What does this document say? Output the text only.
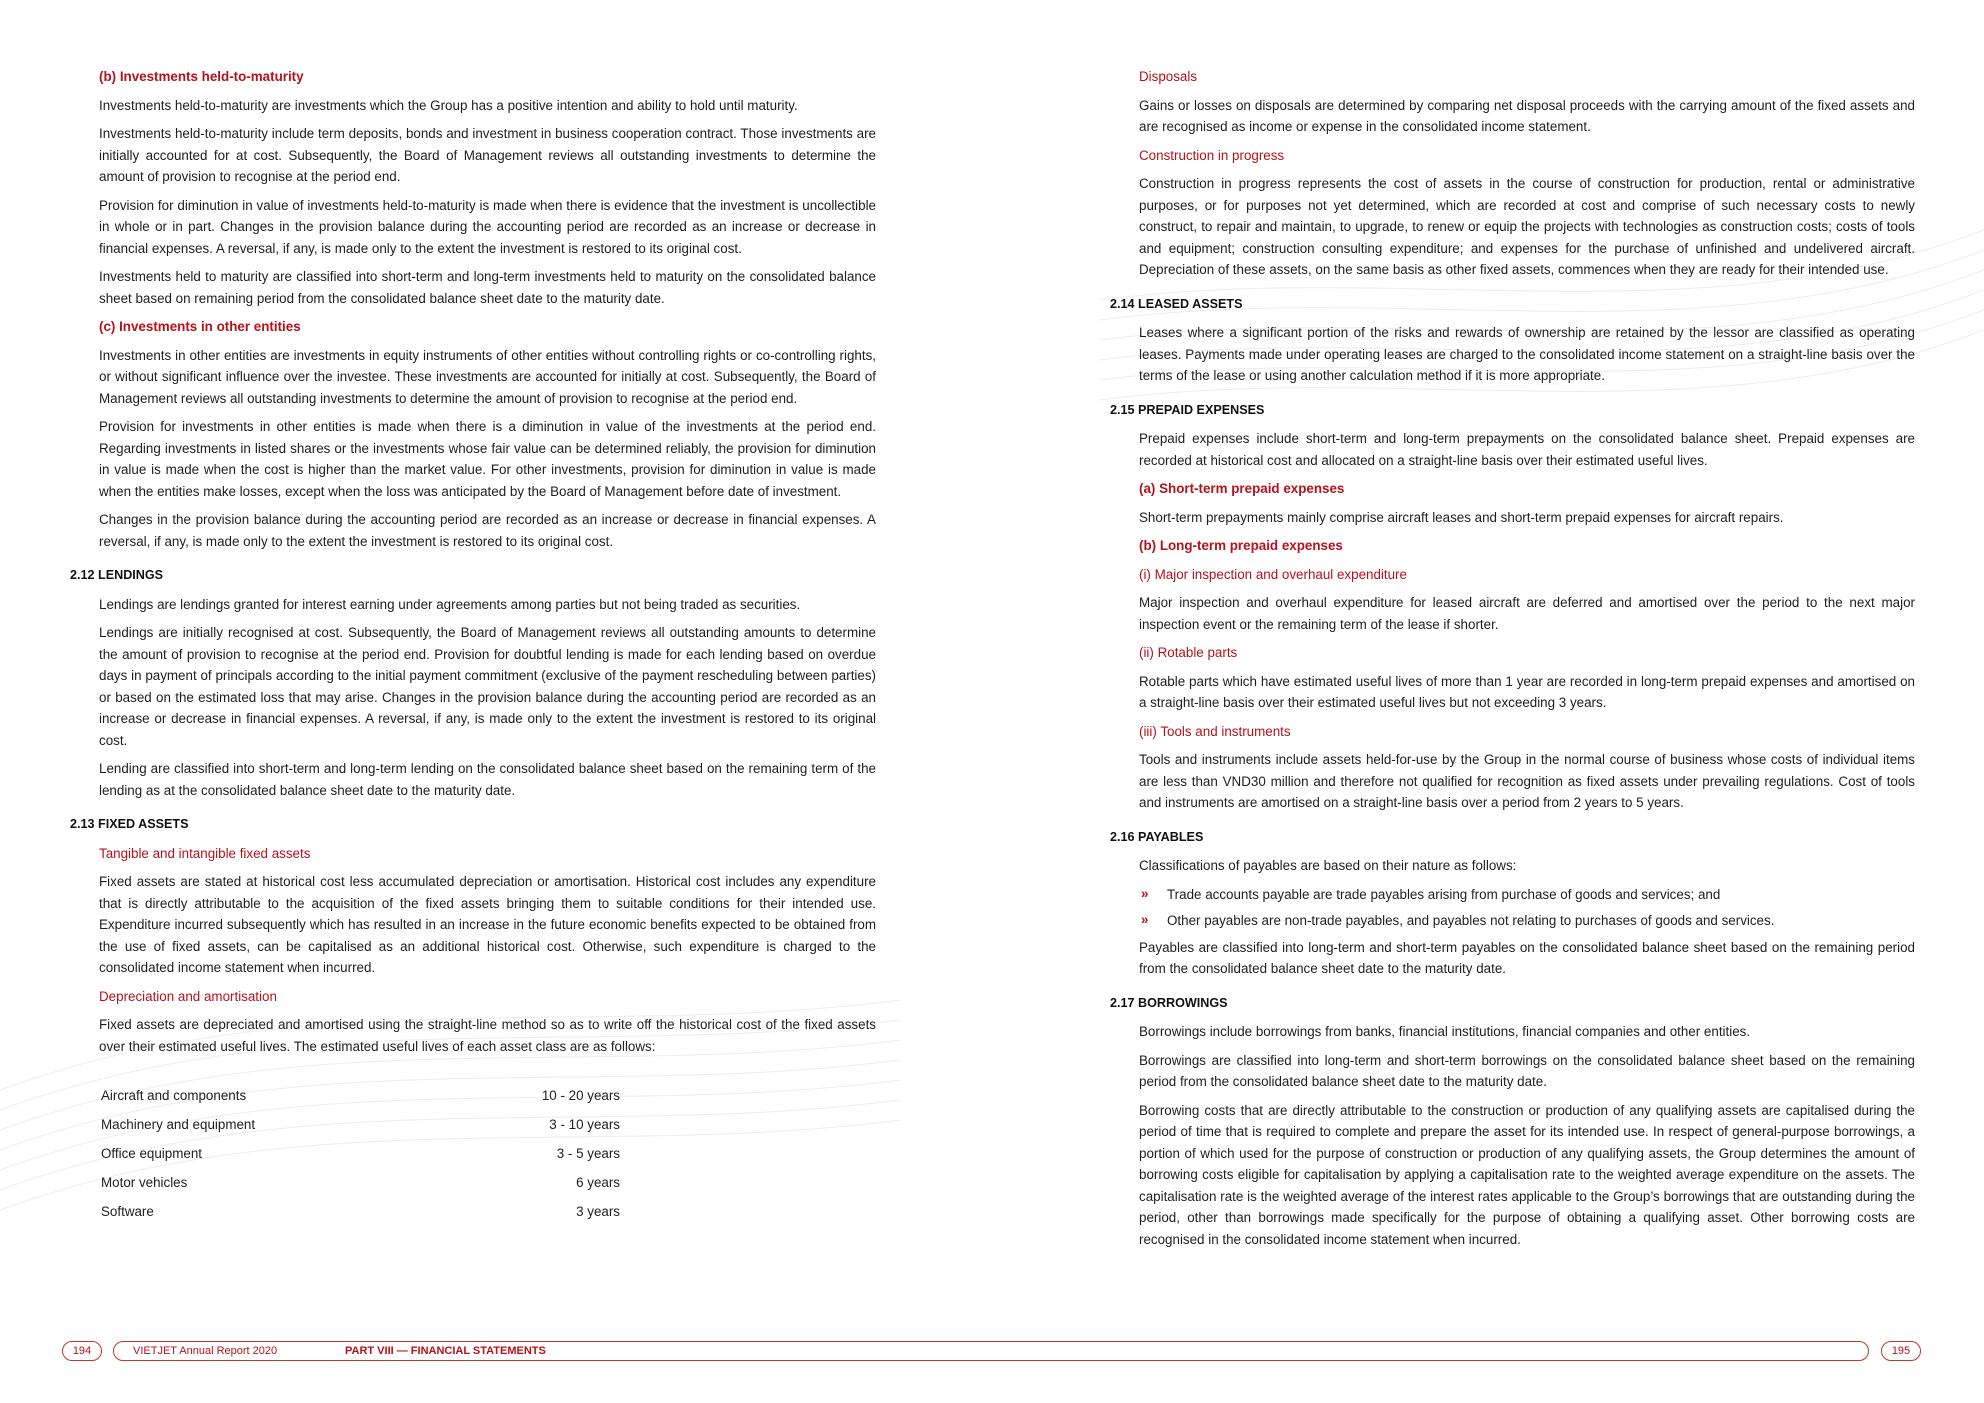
(b) Investments held-to-maturity

Investments held-to-maturity are investments which the Group has a positive intention and ability to hold until maturity.

Investments held-to-maturity include term deposits, bonds and investment in business cooperation contract. Those investments are initially accounted for at cost. Subsequently, the Board of Management reviews all outstanding investments to determine the amount of provision to recognise at the period end.

Provision for diminution in value of investments held-to-maturity is made when there is evidence that the investment is uncollectible in whole or in part. Changes in the provision balance during the accounting period are recorded as an increase or decrease in financial expenses. A reversal, if any, is made only to the extent the investment is restored to its original cost.

Investments held to maturity are classified into short-term and long-term investments held to maturity on the consolidated balance sheet based on remaining period from the consolidated balance sheet date to the maturity date.

(c) Investments in other entities

Investments in other entities are investments in equity instruments of other entities without controlling rights or co-controlling rights, or without significant influence over the investee. These investments are accounted for initially at cost. Subsequently, the Board of Management reviews all outstanding investments to determine the amount of provision to recognise at the period end.

Provision for investments in other entities is made when there is a diminution in value of the investments at the period end. Regarding investments in listed shares or the investments whose fair value can be determined reliably, the provision for diminution in value is made when the cost is higher than the market value. For other investments, provision for diminution in value is made when the entities make losses, except when the loss was anticipated by the Board of Management before date of investment.

Changes in the provision balance during the accounting period are recorded as an increase or decrease in financial expenses. A reversal, if any, is made only to the extent the investment is restored to its original cost.

2.12 LENDINGS

Lendings are lendings granted for interest earning under agreements among parties but not being traded as securities.

Lendings are initially recognised at cost. Subsequently, the Board of Management reviews all outstanding amounts to determine the amount of provision to recognise at the period end. Provision for doubtful lending is made for each lending based on overdue days in payment of principals according to the initial payment commitment (exclusive of the payment rescheduling between parties) or based on the estimated loss that may arise. Changes in the provision balance during the accounting period are recorded as an increase or decrease in financial expenses. A reversal, if any, is made only to the extent the investment is restored to its original cost.

Lending are classified into short-term and long-term lending on the consolidated balance sheet based on the remaining term of the lending as at the consolidated balance sheet date to the maturity date.

2.13 FIXED ASSETS
Tangible and intangible fixed assets

Fixed assets are stated at historical cost less accumulated depreciation or amortisation. Historical cost includes any expenditure that is directly attributable to the acquisition of the fixed assets bringing them to suitable conditions for their intended use. Expenditure incurred subsequently which has resulted in an increase in the future economic benefits expected to be obtained from the use of fixed assets, can be capitalised as an additional historical cost. Otherwise, such expenditure is charged to the consolidated income statement when incurred.

Depreciation and amortisation

Fixed assets are depreciated and amortised using the straight-line method so as to write off the historical cost of the fixed assets over their estimated useful lives. The estimated useful lives of each asset class are as follows:

Aircraft and components	10 - 20 years
Machinery and equipment	3 - 10 years
Office equipment	3 - 5 years
Motor vehicles	6 years
Software	3 years
Disposals

Gains or losses on disposals are determined by comparing net disposal proceeds with the carrying amount of the fixed assets and are recognised as income or expense in the consolidated income statement.

Construction in progress

Construction in progress represents the cost of assets in the course of construction for production, rental or administrative purposes, or for purposes not yet determined, which are recorded at cost and comprise of such necessary costs to newly construct, to repair and maintain, to upgrade, to renew or equip the projects with technologies as construction costs; costs of tools and equipment; construction consulting expenditure; and expenses for the purchase of unfinished and undelivered aircraft. Depreciation of these assets, on the same basis as other fixed assets, commences when they are ready for their intended use.

2.14 LEASED ASSETS

Leases where a significant portion of the risks and rewards of ownership are retained by the lessor are classified as operating leases. Payments made under operating leases are charged to the consolidated income statement on a straight-line basis over the terms of the lease or using another calculation method if it is more appropriate.

2.15 PREPAID EXPENSES

Prepaid expenses include short-term and long-term prepayments on the consolidated balance sheet. Prepaid expenses are recorded at historical cost and allocated on a straight-line basis over their estimated useful lives.

(a) Short-term prepaid expenses

Short-term prepayments mainly comprise aircraft leases and short-term prepaid expenses for aircraft repairs.

(b) Long-term prepaid expenses
(i) Major inspection and overhaul expenditure

Major inspection and overhaul expenditure for leased aircraft are deferred and amortised over the period to the next major inspection event or the remaining term of the lease if shorter.

(ii) Rotable parts

Rotable parts which have estimated useful lives of more than 1 year are recorded in long-term prepaid expenses and amortised on a straight-line basis over their estimated useful lives but not exceeding 3 years.

(iii) Tools and instruments

Tools and instruments include assets held-for-use by the Group in the normal course of business whose costs of individual items are less than VND30 million and therefore not qualified for recognition as fixed assets under prevailing regulations. Cost of tools and instruments are amortised on a straight-line basis over a period from 2 years to 5 years.

2.16 PAYABLES

Classifications of payables are based on their nature as follows:

» Trade accounts payable are trade payables arising from purchase of goods and services; and
» Other payables are non-trade payables, and payables not relating to purchases of goods and services.

Payables are classified into long-term and short-term payables on the consolidated balance sheet based on the remaining period from the consolidated balance sheet date to the maturity date.

2.17 BORROWINGS

Borrowings include borrowings from banks, financial institutions, financial companies and other entities.

Borrowings are classified into long-term and short-term borrowings on the consolidated balance sheet based on the remaining period from the consolidated balance sheet date to the maturity date.

Borrowing costs that are directly attributable to the construction or production of any qualifying assets are capitalised during the period of time that is required to complete and prepare the asset for its intended use. In respect of general-purpose borrowings, a portion of which used for the purpose of construction or production of any qualifying assets, the Group determines the amount of borrowing costs eligible for capitalisation by applying a capitalisation rate to the weighted average expenditure on the assets. The capitalisation rate is the weighted average of the interest rates applicable to the Group’s borrowings that are outstanding during the period, other than borrowings made specifically for the purpose of obtaining a qualifying asset. Other borrowing costs are recognised in the consolidated income statement when incurred.

194	VIETJET Annual Report 2020	PART VIII — FINANCIAL STATEMENTS	195
